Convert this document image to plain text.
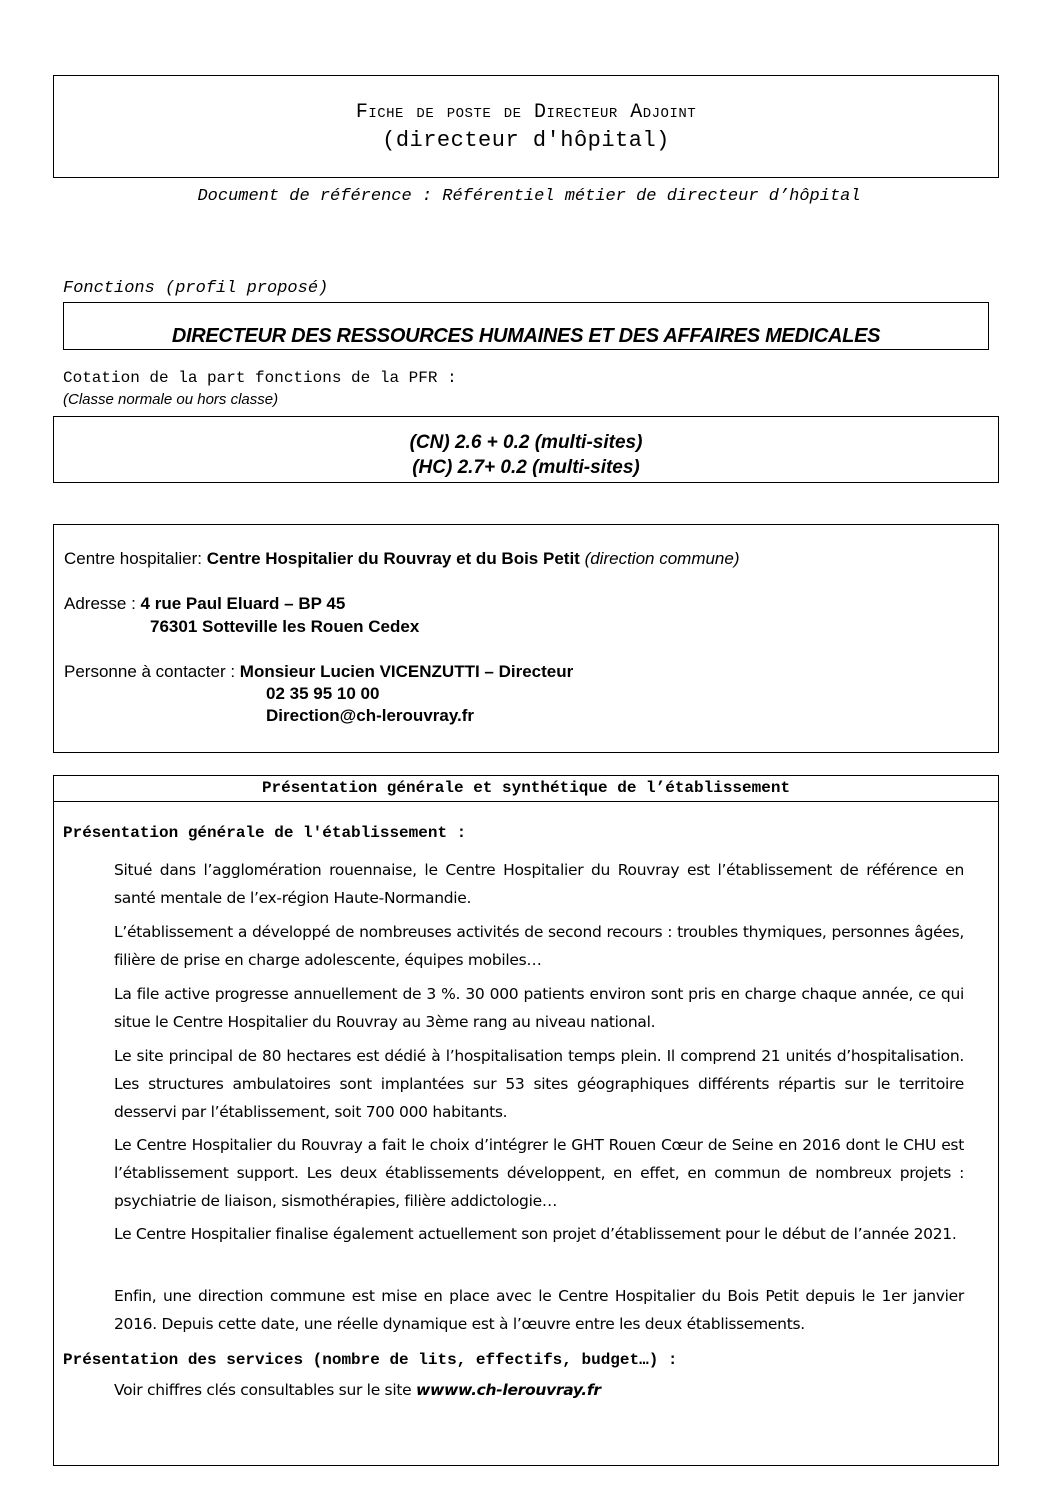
Fiche de poste de Directeur Adjoint
(directeur d'hôpital)
Document de référence : Référentiel métier de directeur d’hôpital
Fonctions (profil proposé)
DIRECTEUR DES RESSOURCES HUMAINES ET DES AFFAIRES MEDICALES
Cotation de la part fonctions de la PFR :
(Classe normale ou hors classe)
(CN) 2.6 + 0.2 (multi-sites)
(HC) 2.7+ 0.2 (multi-sites)
Centre hospitalier: Centre Hospitalier du Rouvray et du Bois Petit (direction commune)
Adresse : 4 rue Paul Eluard – BP 45
76301 Sotteville les Rouen Cedex
Personne à contacter : Monsieur Lucien VICENZUTTI – Directeur
02 35 95 10 00
Direction@ch-lerouvray.fr
Présentation générale et synthétique de l’établissement
Présentation générale de l'établissement :
Situé dans l’agglomération rouennaise, le Centre Hospitalier du Rouvray est l’établissement de référence en santé mentale de l’ex-région Haute-Normandie.
L’établissement a développé de nombreuses activités de second recours : troubles thymiques, personnes âgées, filière de prise en charge adolescente, équipes mobiles…
La file active progresse annuellement de 3 %. 30 000 patients environ sont pris en charge chaque année, ce qui situe le Centre Hospitalier du Rouvray au 3ème rang au niveau national.
Le site principal de 80 hectares est dédié à l’hospitalisation temps plein. Il comprend 21 unités d’hospitalisation. Les structures ambulatoires sont implantées sur 53 sites géographiques différents répartis sur le territoire desservi par l’établissement, soit 700 000 habitants.
Le Centre Hospitalier du Rouvray a fait le choix d’intégrer le GHT Rouen Cœur de Seine en 2016 dont le CHU est l’établissement support. Les deux établissements développent, en effet, en commun de nombreux projets : psychiatrie de liaison, sismothérapies, filière addictologie…
Le Centre Hospitalier finalise également actuellement son projet d’établissement pour le début de l’année 2021.
Enfin, une direction commune est mise en place avec le Centre Hospitalier du Bois Petit depuis le 1er janvier 2016. Depuis cette date, une réelle dynamique est à l’œuvre entre les deux établissements.
Présentation des services (nombre de lits, effectifs, budget…) :
Voir chiffres clés consultables sur le site wwww.ch-lerouvray.fr
